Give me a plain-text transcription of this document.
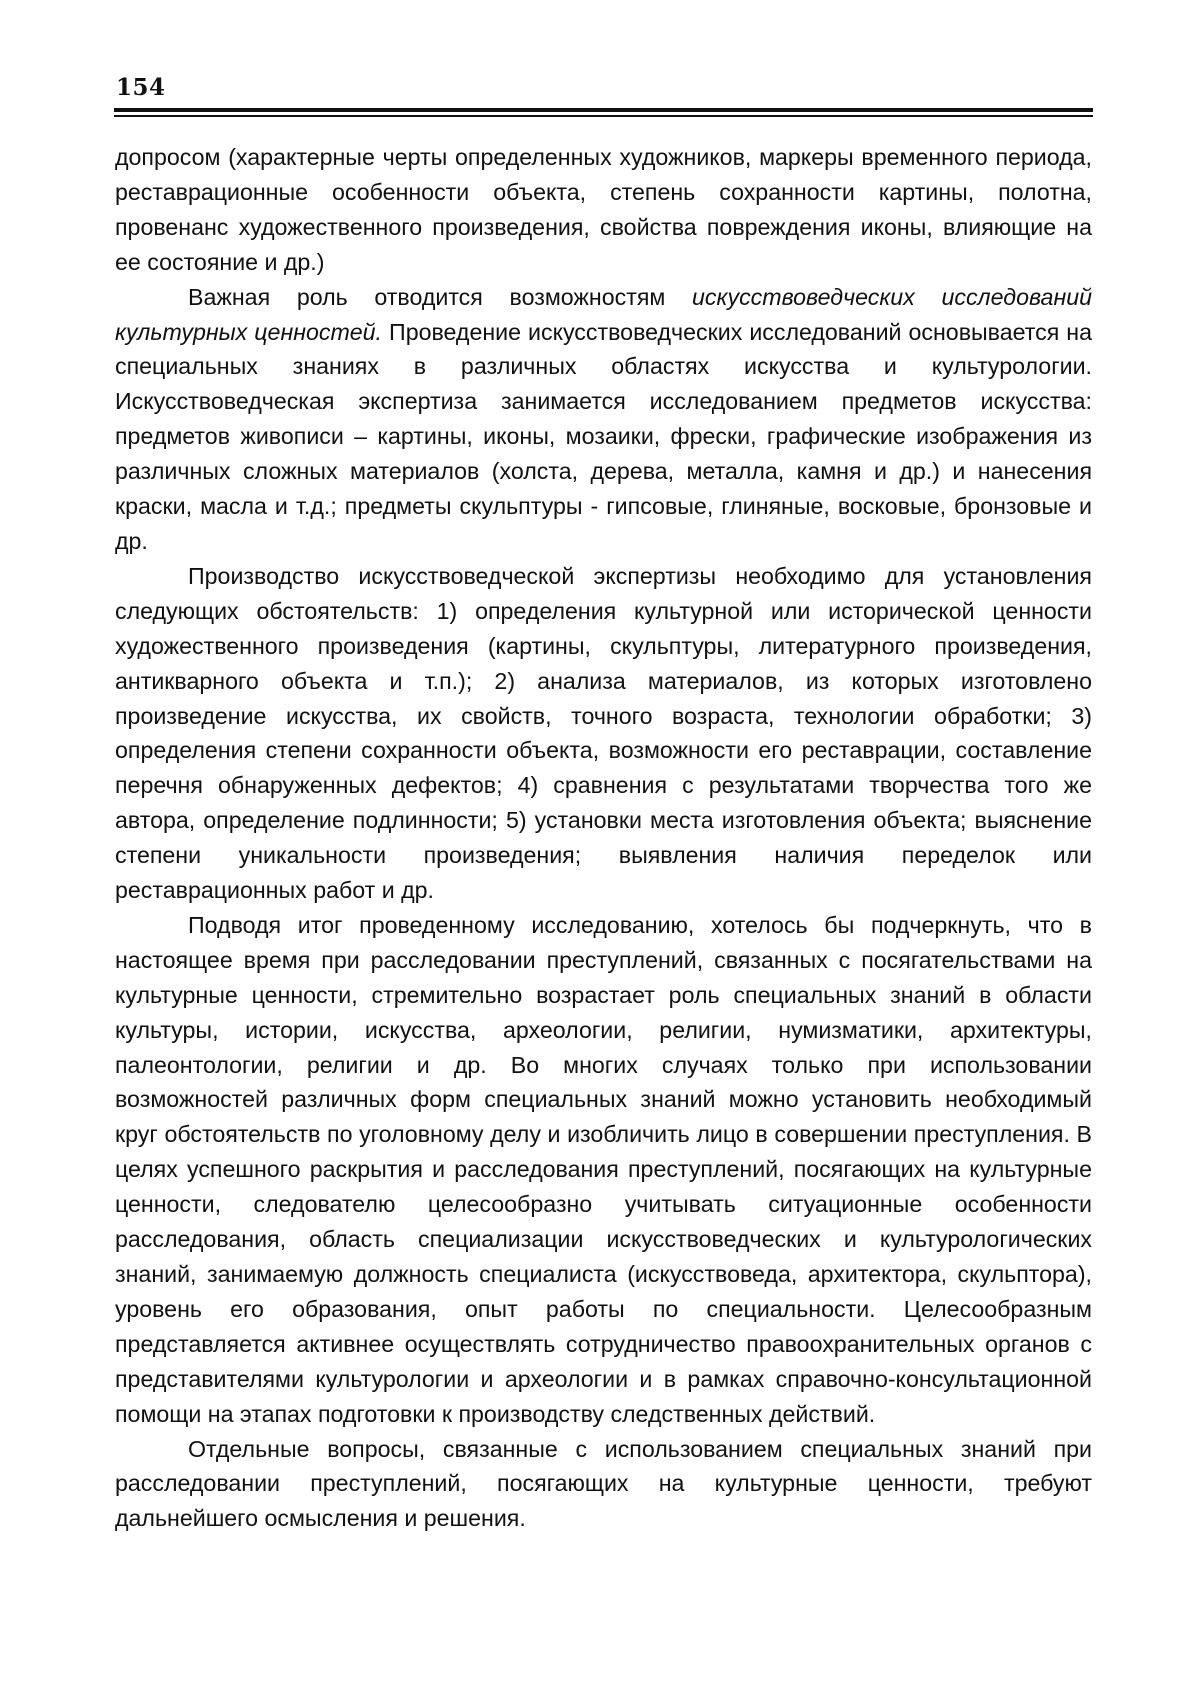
154

допросом (характерные черты определенных художников, маркеры временного периода, реставрационные особенности объекта, степень сохранности картины, полотна, провенанс художественного произведения, свойства повреждения иконы, влияющие на ее состояние и др.)

Важная роль отводится возможностям искусствоведческих исследований культурных ценностей. Проведение искусствоведческих исследований основывается на специальных знаниях в различных областях искусства и культурологии. Искусствоведческая экспертиза занимается исследованием предметов искусства: предметов живописи – картины, иконы, мозаики, фрески, графические изображения из различных сложных материалов (холста, дерева, металла, камня и др.) и нанесения краски, масла и т.д.; предметы скульптуры - гипсовые, глиняные, восковые, бронзовые и др.

Производство искусствоведческой экспертизы необходимо для установления следующих обстоятельств: 1) определения культурной или исторической ценности художественного произведения (картины, скульптуры, литературного произведения, антикварного объекта и т.п.); 2) анализа материалов, из которых изготовлено произведение искусства, их свойств, точного возраста, технологии обработки; 3) определения степени сохранности объекта, возможности его реставрации, составление перечня обнаруженных дефектов; 4) сравнения с результатами творчества того же автора, определение подлинности; 5) установки места изготовления объекта; выяснение степени уникальности произведения; выявления наличия переделок или реставрационных работ и др.

Подводя итог проведенному исследованию, хотелось бы подчеркнуть, что в настоящее время при расследовании преступлений, связанных с посягательствами на культурные ценности, стремительно возрастает роль специальных знаний в области культуры, истории, искусства, археологии, религии, нумизматики, архитектуры, палеонтологии, религии и др. Во многих случаях только при использовании возможностей различных форм специальных знаний можно установить необходимый круг обстоятельств по уголовному делу и изобличить лицо в совершении преступления. В целях успешного раскрытия и расследования преступлений, посягающих на культурные ценности, следователю целесообразно учитывать ситуационные особенности расследования, область специализации искусствоведческих и культурологических знаний, занимаемую должность специалиста (искусствоведа, архитектора, скульптора), уровень его образования, опыт работы по специальности. Целесообразным представляется активнее осуществлять сотрудничество правоохранительных органов с представителями культурологии и археологии и в рамках справочно-консультационной помощи на этапах подготовки к производству следственных действий.

Отдельные вопросы, связанные с использованием специальных знаний при расследовании преступлений, посягающих на культурные ценности, требуют дальнейшего осмысления и решения.
